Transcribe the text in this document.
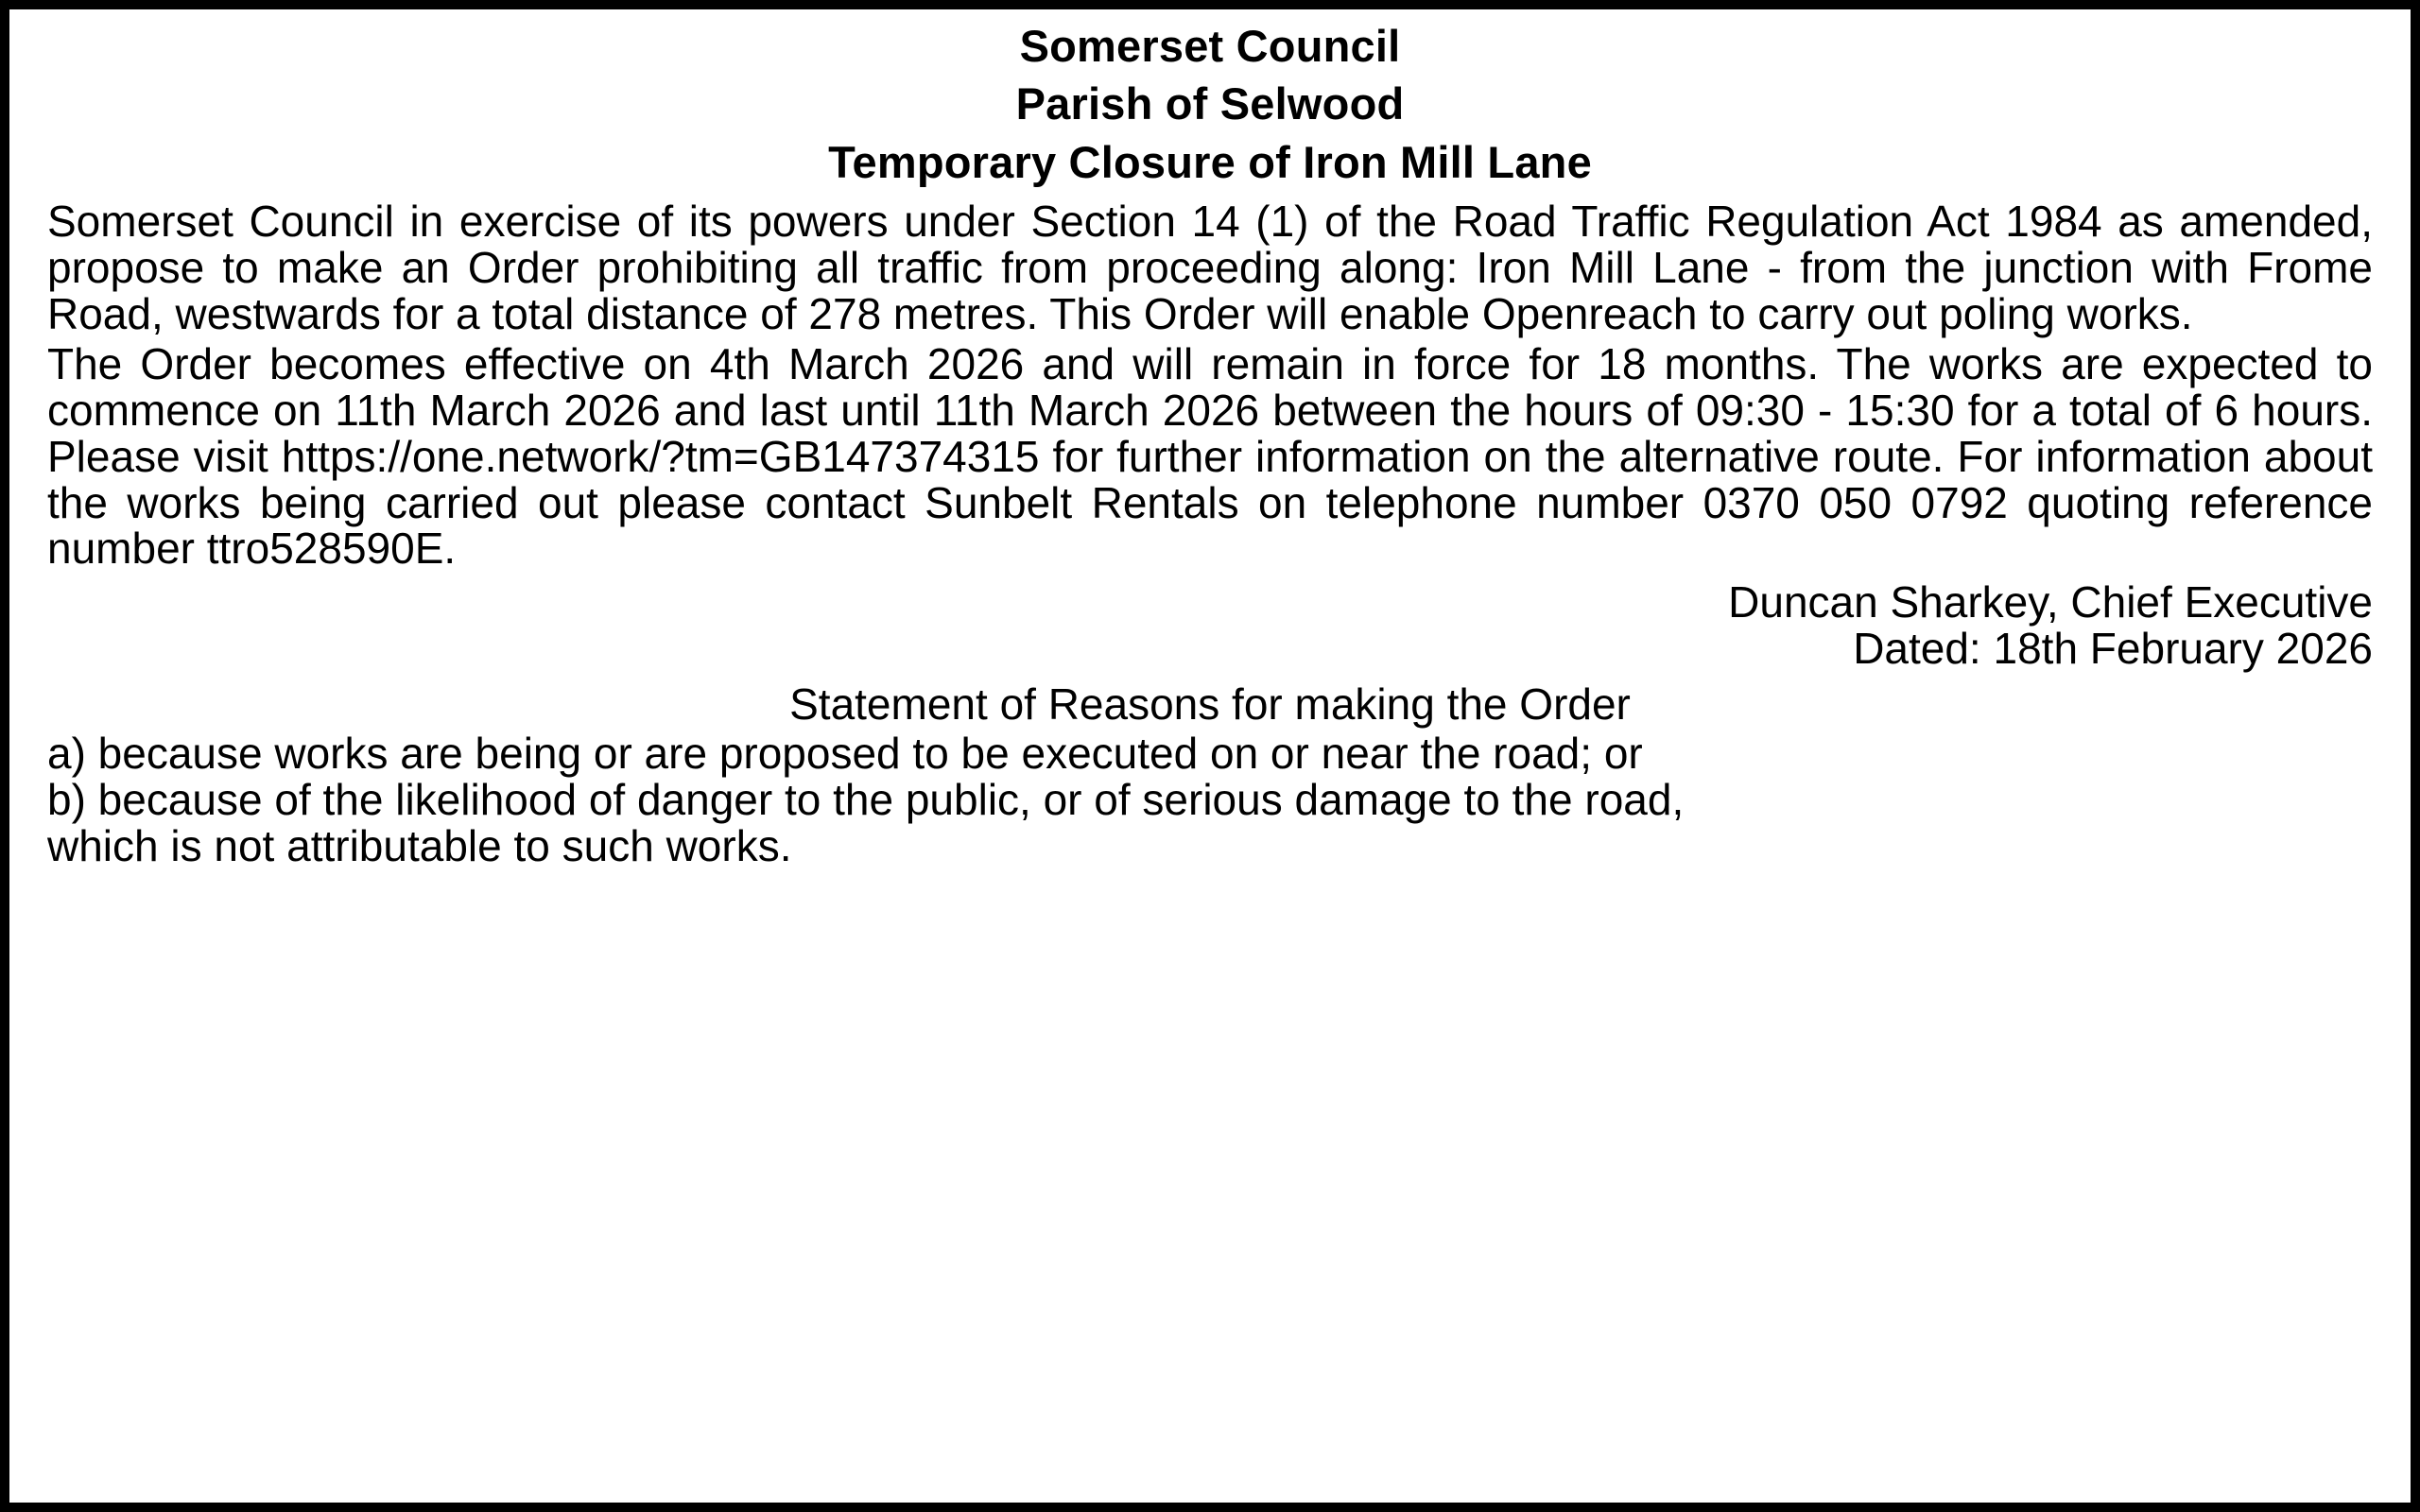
Somerset Council
Parish of Selwood
Temporary Closure of Iron Mill Lane

Somerset Council in exercise of its powers under Section 14 (1) of the Road Traffic Regulation Act 1984 as amended, propose to make an Order prohibiting all traffic from proceeding along: Iron Mill Lane - from the junction with Frome Road, westwards for a total distance of 278 metres. This Order will enable Openreach to carry out poling works.

The Order becomes effective on 4th March 2026 and will remain in force for 18 months. The works are expected to commence on 11th March 2026 and last until 11th March 2026 between the hours of 09:30 - 15:30 for a total of 6 hours. Please visit https://one.network/?tm=GB147374315 for further information on the alternative route. For information about the works being carried out please contact Sunbelt Rentals on telephone number 0370 050 0792 quoting reference number ttro528590E.

Duncan Sharkey, Chief Executive
Dated: 18th February 2026
Statement of Reasons for making the Order

a) because works are being or are proposed to be executed on or near the road; or

b) because of the likelihood of danger to the public, or of serious damage to the road,

which is not attributable to such works.
